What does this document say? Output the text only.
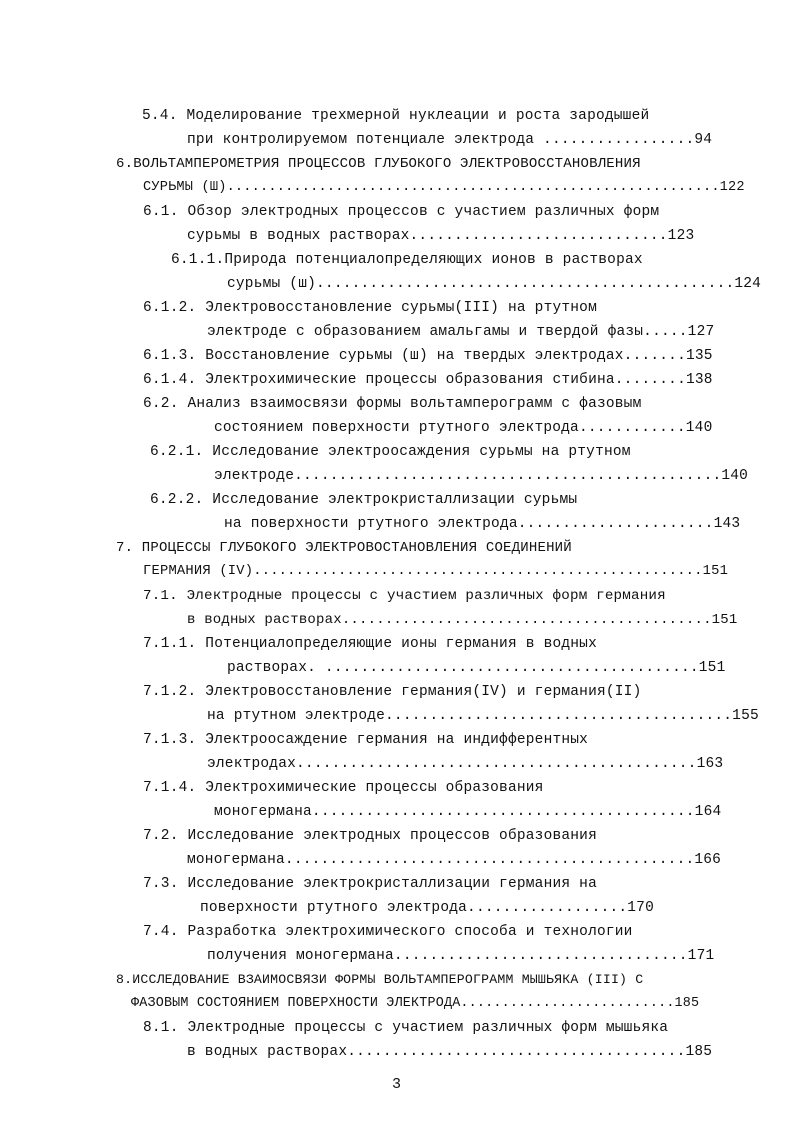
5.4. Моделирование трехмерной нуклеации и роста зародышей
при контролируемом потенциале электрода .................94
6.ВОЛЬТАМПЕРОМЕТРИЯ ПРОЦЕССОВ ГЛУБОКОГО ЭЛЕКТРОВОССТАНОВЛЕНИЯ
СУРЬМЫ (Ш)...........................................................122
6.1. Обзор электродных процессов с участием различных форм
сурьмы в водных растворах.............................123
6.1.1.Природа потенциалопределяющих ионов в растворах
сурьмы (ш)...............................................124
6.1.2. Электровосстановление сурьмы(III) на ртутном
электроде с образованием амальгамы и твердой фазы.....127
6.1.3. Восстановление сурьмы (ш) на твердых электродах.......135
6.1.4. Электрохимические процессы образования стибина........138
6.2. Анализ взаимосвязи формы вольтамперограмм с фазовым
состоянием поверхности ртутного электрода............140
6.2.1. Исследование электроосаждения сурьмы на ртутном
электроде................................................140
6.2.2. Исследование электрокристаллизации сурьмы
на поверхности ртутного электрода......................143
7. ПРОЦЕССЫ ГЛУБОКОГО ЭЛЕКТРОВОСТАНОВЛЕНИЯ СОЕДИНЕНИЙ
ГЕРМАНИЯ (IV).....................................................151
7.1. Электродные процессы с участием различных форм германия
в водных растворах...........................................151
7.1.1. Потенциалопределяющие ионы германия в водных
растворах. ..........................................151
7.1.2. Электровосстановление германия(IV) и германия(II)
на ртутном электроде.......................................155
7.1.3. Электроосаждение германия на индифферентных
электродах.............................................163
7.1.4. Электрохимические процессы образования
моногермана...........................................164
7.2. Исследование электродных процессов образования
моногермана..............................................166
7.3. Исследование электрокристаллизации германия на
поверхности ртутного электрода..................170
7.4. Разработка электрохимического способа и технологии
получения моногермана.................................171
8.ИССЛЕДОВАНИЕ ВЗАИМОСВЯЗИ ФОРМЫ ВОЛЬТАМПЕРОГРАММ МЫШЬЯКА (III) С
ФАЗОВЫМ СОСТОЯНИЕМ ПОВЕРХНОСТИ ЭЛЕКТРОДА..........................185
8.1. Электродные процессы с участием различных форм мышьяка
в водных растворах......................................185
3
